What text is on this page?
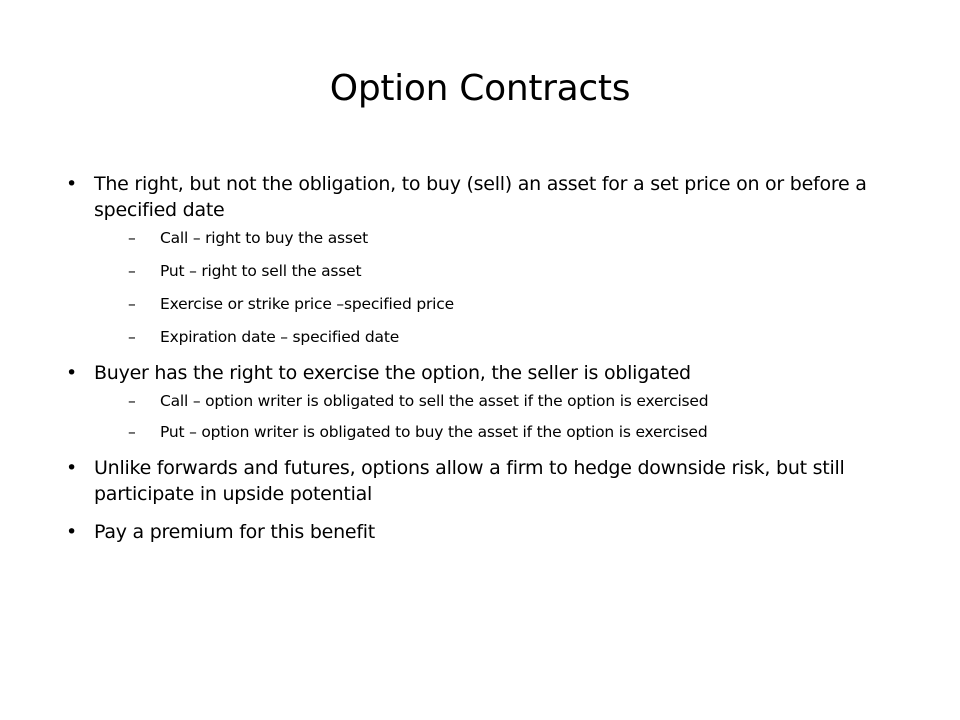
Option Contracts
• The right, but not the obligation, to buy (sell) an asset for a set price on or before a specified date
– Call – right to buy the asset
– Put – right to sell the asset
– Exercise or strike price –specified price
– Expiration date – specified date
• Buyer has the right to exercise the option, the seller is obligated
– Call – option writer is obligated to sell the asset if the option is exercised
– Put – option writer is obligated to buy the asset if the option is exercised
• Unlike forwards and futures, options allow a firm to hedge downside risk, but still participate in upside potential
• Pay a premium for this benefit
